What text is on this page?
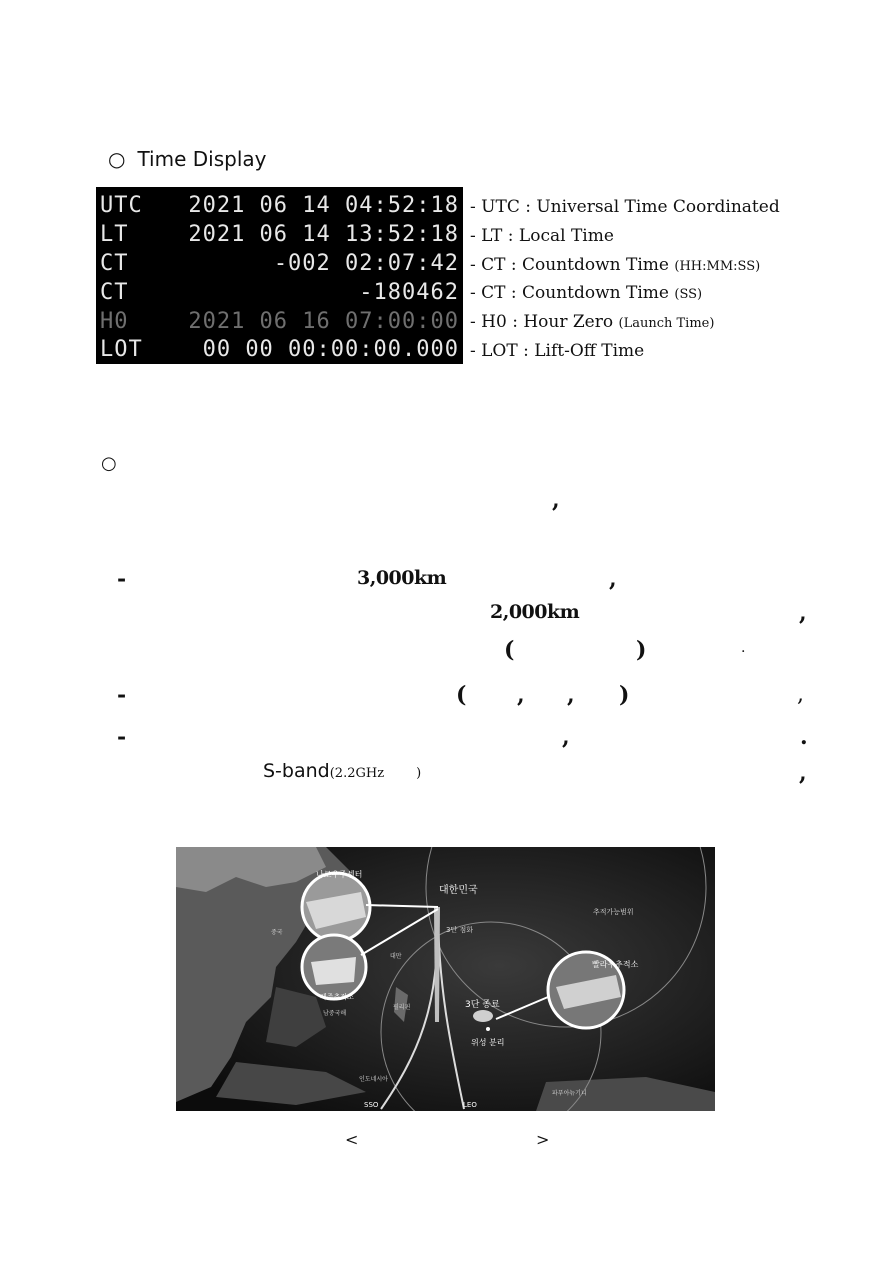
○ Time Display
UTC 2021 06 14 04:52:18
LT	2021 06 14 13:52:18
CT	-002 02:07:42
CT	-180462
H0	2021 06 16 07:00:00
LOT	00 00 00:00:00.000
- UTC : Universal Time Coordinated
- LT : Local Time
- CT : Countdown Time (HH:MM:SS)
- CT : Countdown Time (SS)
- H0 : Hour Zero (Launch Time)
- LOT : Lift-Off Time
○
,
-	3,000km	,
2,000km	,
(	)	.
-	( , , )	,
-	,	.
S-band(2.2GHz )	,
나로우주센터
대한민국
3단 점화
추적가능범위
중국
제주추적소
대만
빨라우추적소
3단 종료
필리핀
남중국해
위성 분리
인도네시아
파푸아뉴기니
SSO	LEO
<	>
